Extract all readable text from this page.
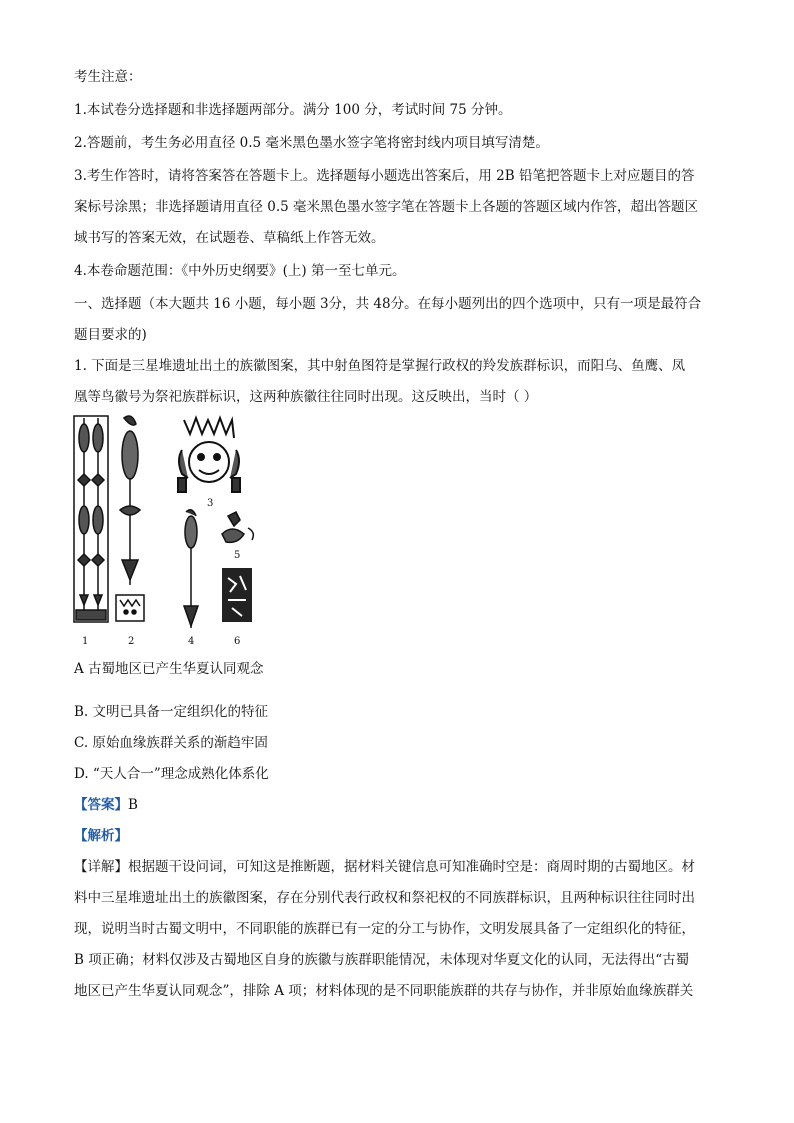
考生注意：
1.本试卷分选择题和非选择题两部分。满分 100 分，考试时间 75 分钟。
2.答题前，考生务必用直径 0.5 毫米黑色墨水签字笔将密封线内项目填写清楚。
3.考生作答时，请将答案答在答题卡上。选择题每小题选出答案后，用 2B 铅笔把答题卡上对应题目的答
案标号涂黑；非选择题请用直径 0.5 毫米黑色墨水签字笔在答题卡上各题的答题区域内作答，超出答题区
域书写的答案无效，在试题卷、草稿纸上作答无效。
4.本卷命题范围：《中外历史纲要》(上) 第一至七单元。
一、选择题（本大题共 16 小题，每小题 3分，共 48分。在每小题列出的四个选项中，只有一项是最符合
题目要求的)
1. 下面是三星堆遗址出土的族徽图案，其中射鱼图符是掌握行政权的羚发族群标识，而阳乌、鱼鹰、凤
凰等鸟徽号为祭祀族群标识，这两种族徽往往同时出现。这反映出，当时（ ）
1	2
3
4
5
6
A 古蜀地区已产生华夏认同观念
B. 文明已具备一定组织化的特征
C. 原始血缘族群关系的渐趋牢固
D. “天人合一”理念成熟化体系化
【答案】B
【解析】
【详解】根据题干设问词，可知这是推断题，据材料关键信息可知准确时空是：商周时期的古蜀地区。材
料中三星堆遗址出土的族徽图案，存在分别代表行政权和祭祀权的不同族群标识，且两种标识往往同时出
现，说明当时古蜀文明中，不同职能的族群已有一定的分工与协作，文明发展具备了一定组织化的特征，
B 项正确；材料仅涉及古蜀地区自身的族徽与族群职能情况，未体现对华夏文化的认同，无法得出“古蜀
地区已产生华夏认同观念”，排除 A 项；材料体现的是不同职能族群的共存与协作，并非原始血缘族群关
